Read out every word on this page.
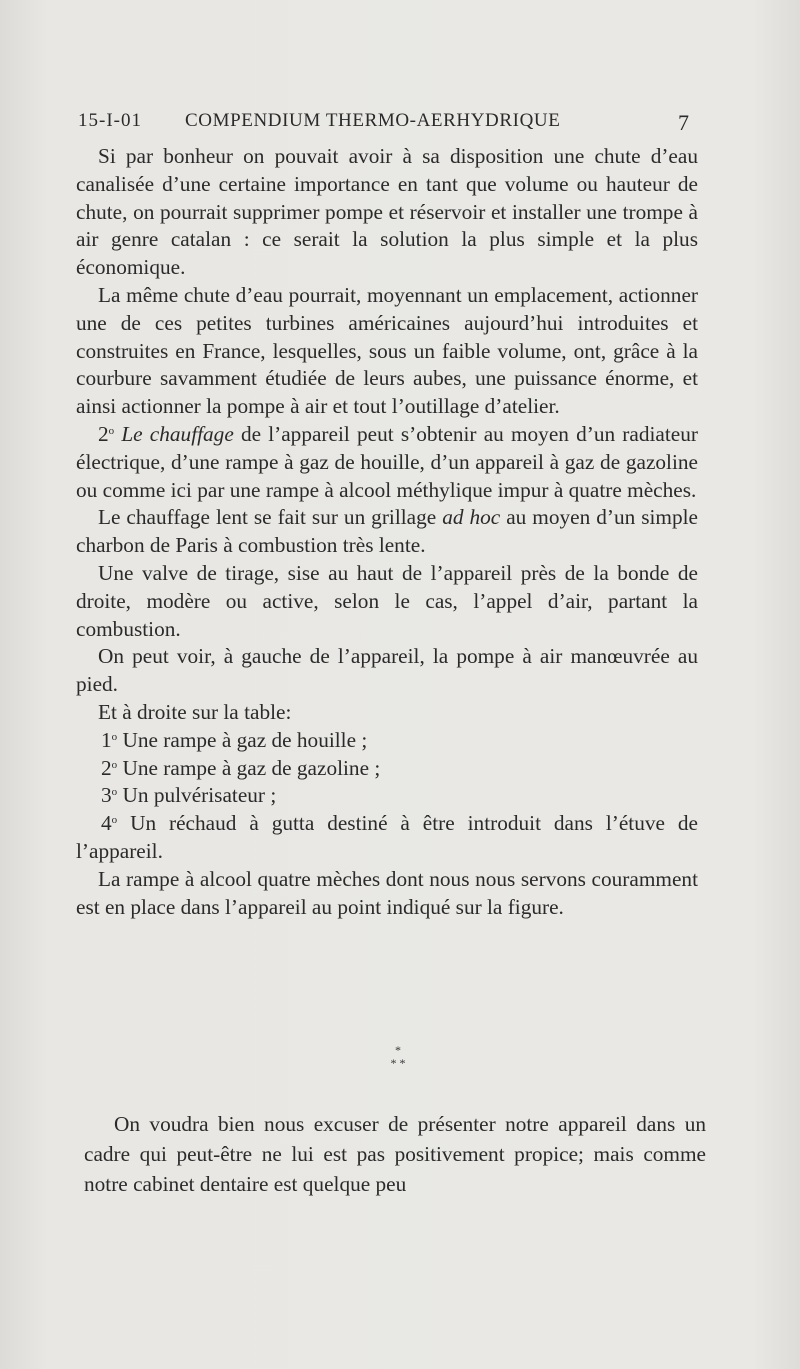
15-I-01 COMPENDIUM THERMO-AERHYDRIQUE	7

Si par bonheur on pouvait avoir à sa disposition une chute d’eau canalisée d’une certaine importance en tant que volume ou hauteur de chute, on pourrait supprimer pompe et réservoir et installer une trompe à air genre catalan : ce serait la solution la plus simple et la plus économique.

La même chute d’eau pourrait, moyennant un emplacement, actionner une de ces petites turbines américaines aujourd’hui introduites et construites en France, lesquelles, sous un faible volume, ont, grâce à la courbure savamment étudiée de leurs aubes, une puissance énorme, et ainsi actionner la pompe à air et tout l’outillage d’atelier.

2$^o$ Le chauffage de l’appareil peut s’obtenir au moyen d’un radiateur électrique, d’une rampe à gaz de houille, d’un appareil à gaz de gazoline ou comme ici par une rampe à alcool méthylique impur à quatre mèches.

Le chauffage lent se fait sur un grillage ad hoc au moyen d’un simple charbon de Paris à combustion très lente.

Une valve de tirage, sise au haut de l’appareil près de la bonde de droite, modère ou active, selon le cas, l’appel d’air, partant la combustion.

On peut voir, à gauche de l’appareil, la pompe à air manœuvrée au pied.

Et à droite sur la table:

1$^o$ Une rampe à gaz de houille ;

2$^o$ Une rampe à gaz de gazoline ;

3$^o$ Un pulvérisateur ;

4$^o$ Un réchaud à gutta destiné à être introduit dans l’étuve de l’appareil.

La rampe à alcool quatre mèches dont nous nous servons couramment est en place dans l’appareil au point indiqué sur la figure.

*
* *

On voudra bien nous excuser de présenter notre appareil dans un cadre qui peut-être ne lui est pas positivement propice; mais comme notre cabinet dentaire est quelque peu
